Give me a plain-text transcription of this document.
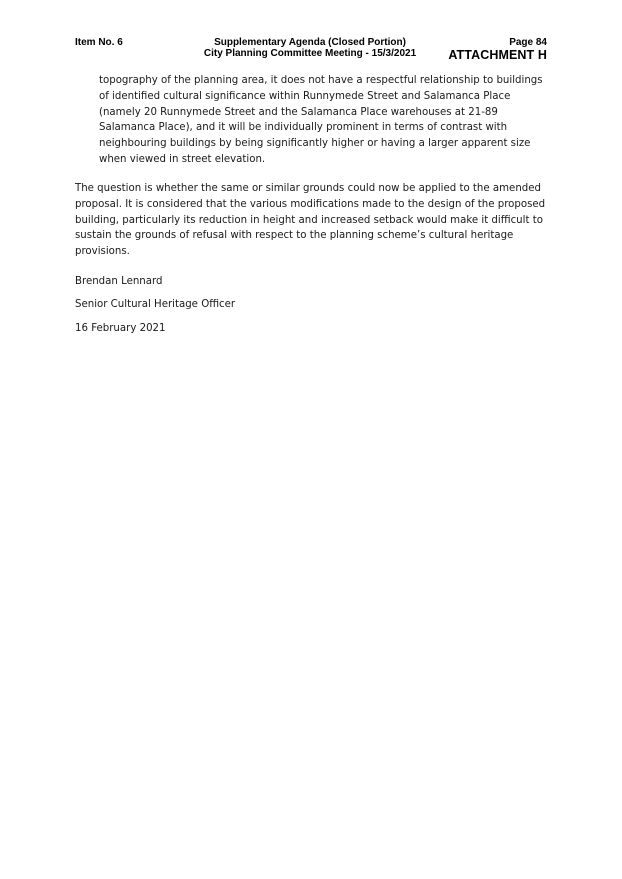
Item No. 6	Supplementary Agenda (Closed Portion)
City Planning Committee Meeting - 15/3/2021
Page 84
ATTACHMENT H

topography of the planning area, it does not have a respectful relationship to buildings of identified cultural significance within Runnymede Street and Salamanca Place (namely 20 Runnymede Street and the Salamanca Place warehouses at 21-89 Salamanca Place), and it will be individually prominent in terms of contrast with neighbouring buildings by being significantly higher or having a larger apparent size when viewed in street elevation.

The question is whether the same or similar grounds could now be applied to the amended proposal. It is considered that the various modifications made to the design of the proposed building, particularly its reduction in height and increased setback would make it difficult to sustain the grounds of refusal with respect to the planning scheme’s cultural heritage provisions.

Brendan Lennard
Senior Cultural Heritage Officer
16 February 2021
